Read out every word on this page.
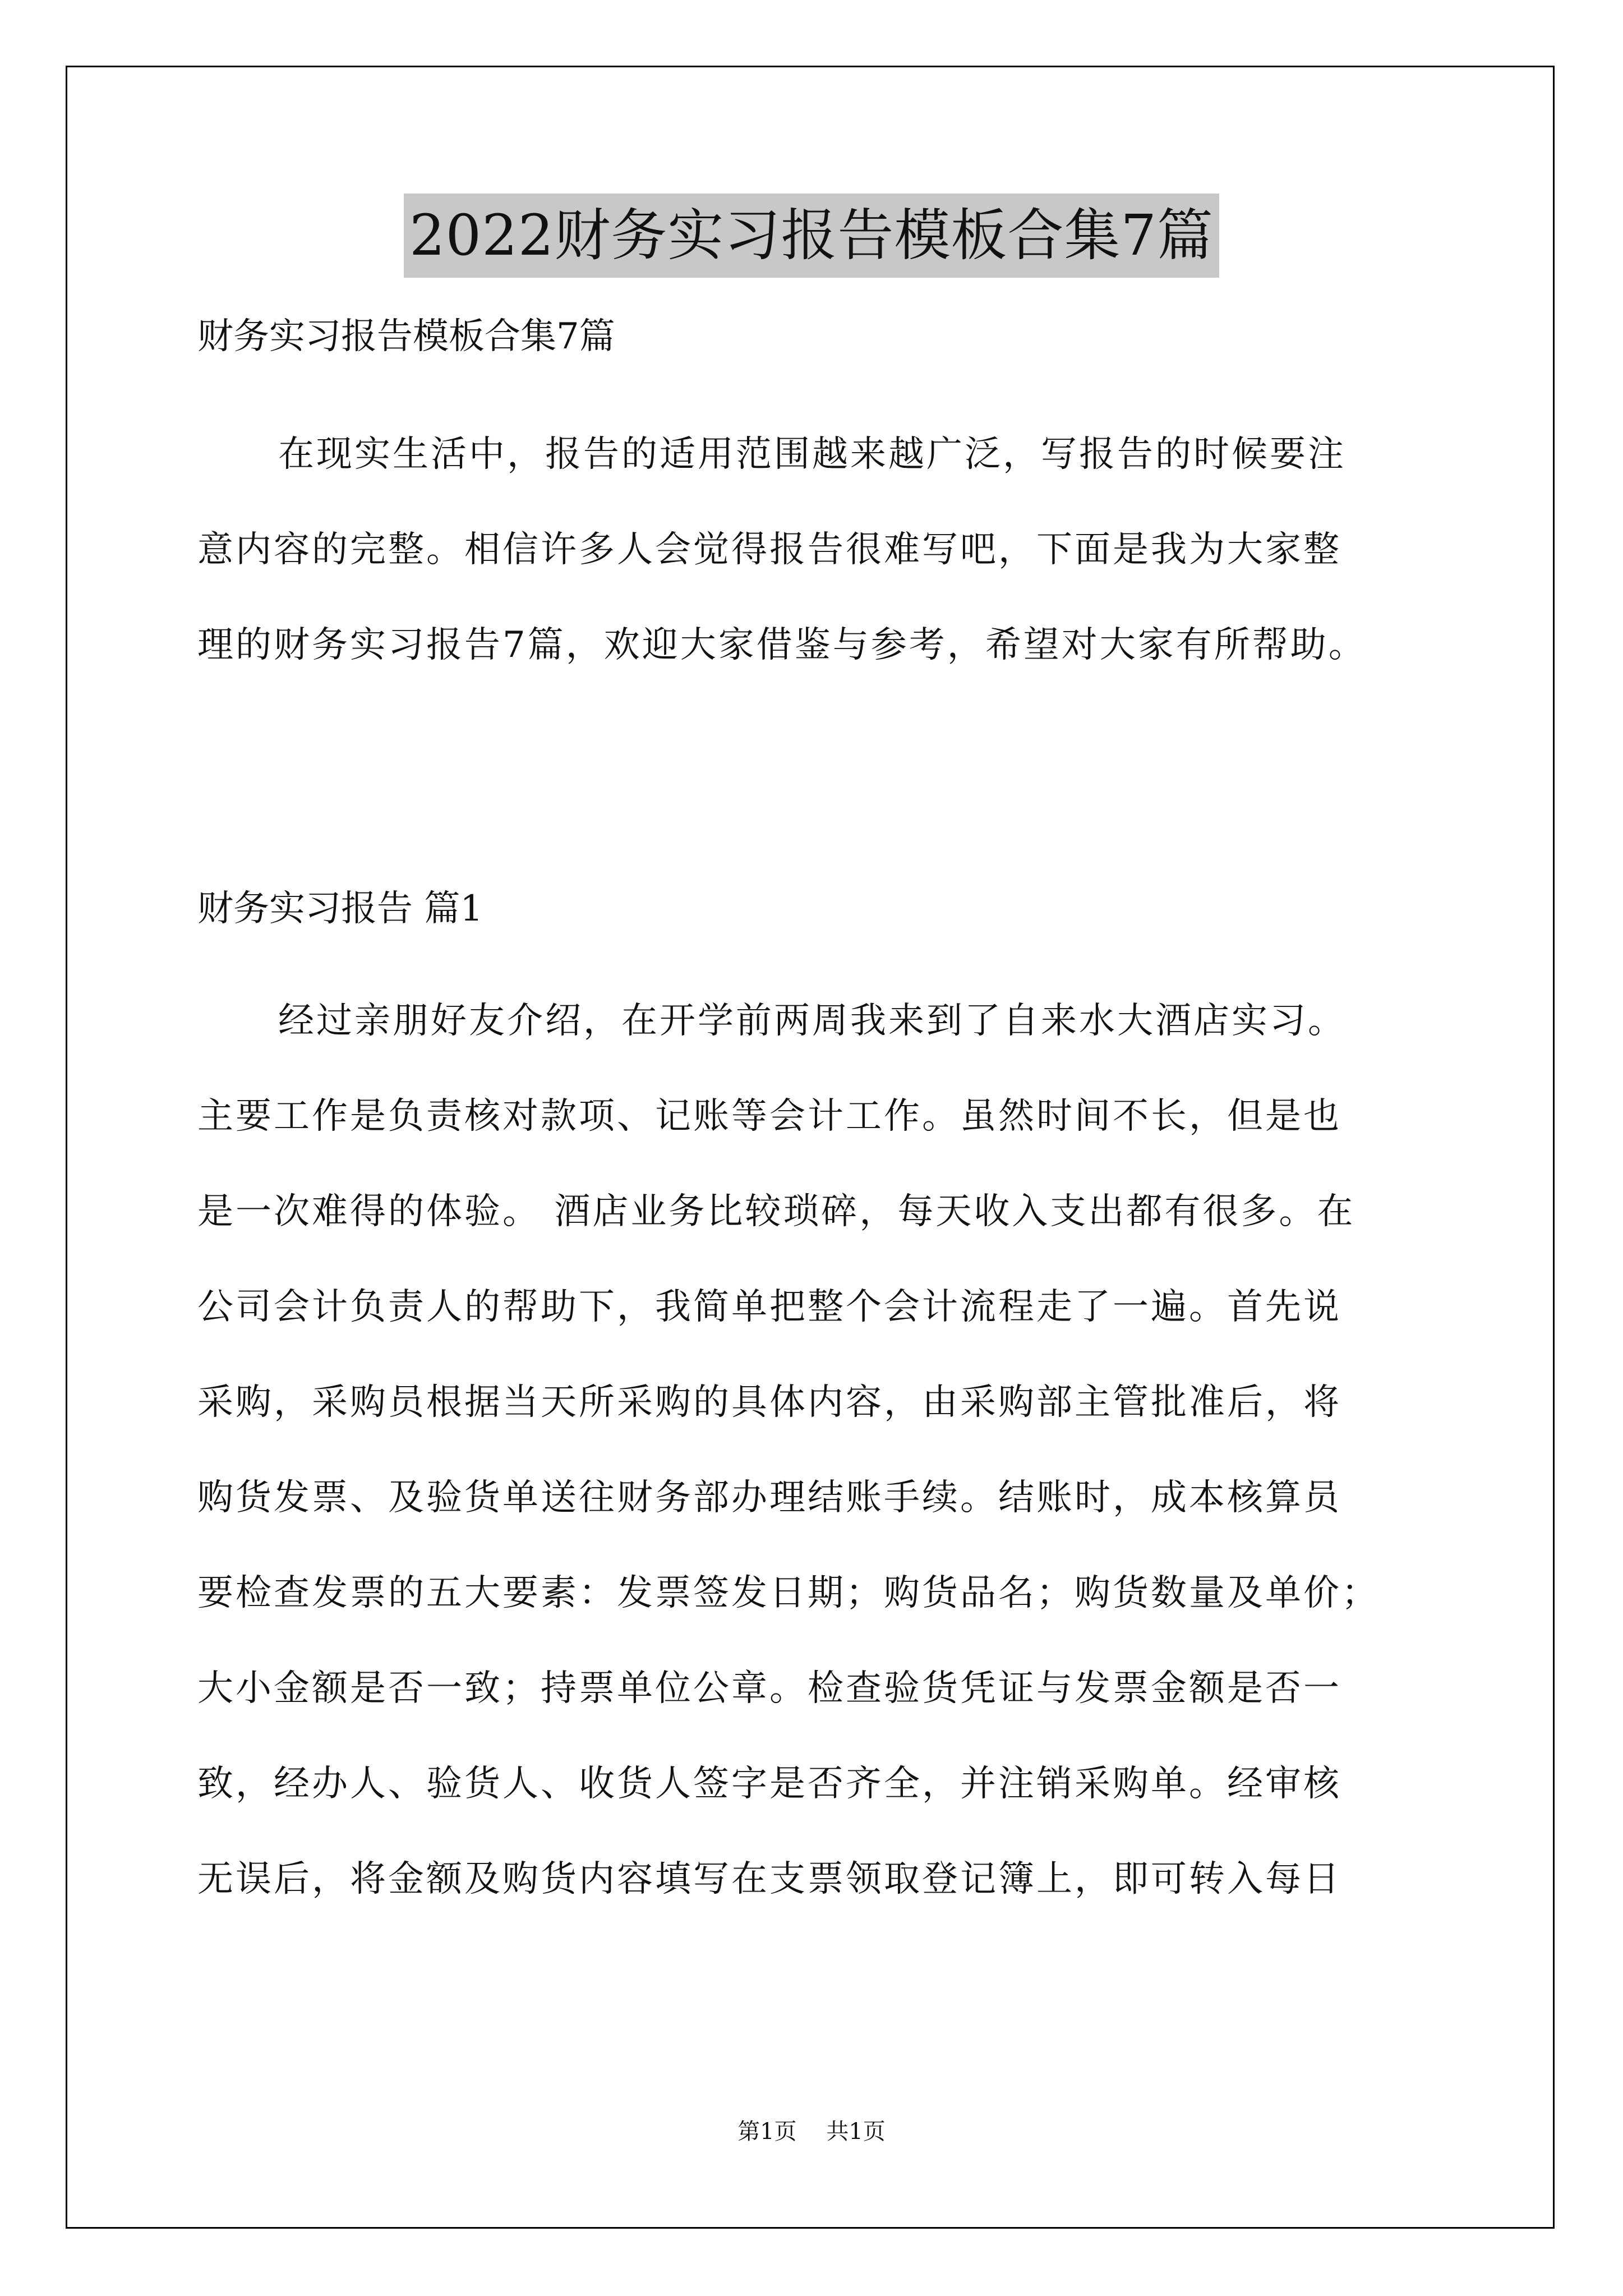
2022财务实习报告模板合集7篇
财务实习报告模板合集7篇
在现实生活中，报告的适用范围越来越广泛，写报告的时候要注
意内容的完整。相信许多人会觉得报告很难写吧，下面是我为大家整
理的财务实习报告7篇，欢迎大家借鉴与参考，希望对大家有所帮助。
财务实习报告 篇1
经过亲朋好友介绍，在开学前两周我来到了自来水大酒店实习。
主要工作是负责核对款项、记账等会计工作。虽然时间不长，但是也
是一次难得的体验。 酒店业务比较琐碎，每天收入支出都有很多。在
公司会计负责人的帮助下，我简单把整个会计流程走了一遍。首先说
采购，采购员根据当天所采购的具体内容，由采购部主管批准后，将
购货发票、及验货单送往财务部办理结账手续。结账时，成本核算员
要检查发票的五大要素：发票签发日期；购货品名；购货数量及单价；
大小金额是否一致；持票单位公章。检查验货凭证与发票金额是否一
致，经办人、验货人、收货人签字是否齐全，并注销采购单。经审核
无误后，将金额及购货内容填写在支票领取登记簿上，即可转入每日
第1页 共1页
